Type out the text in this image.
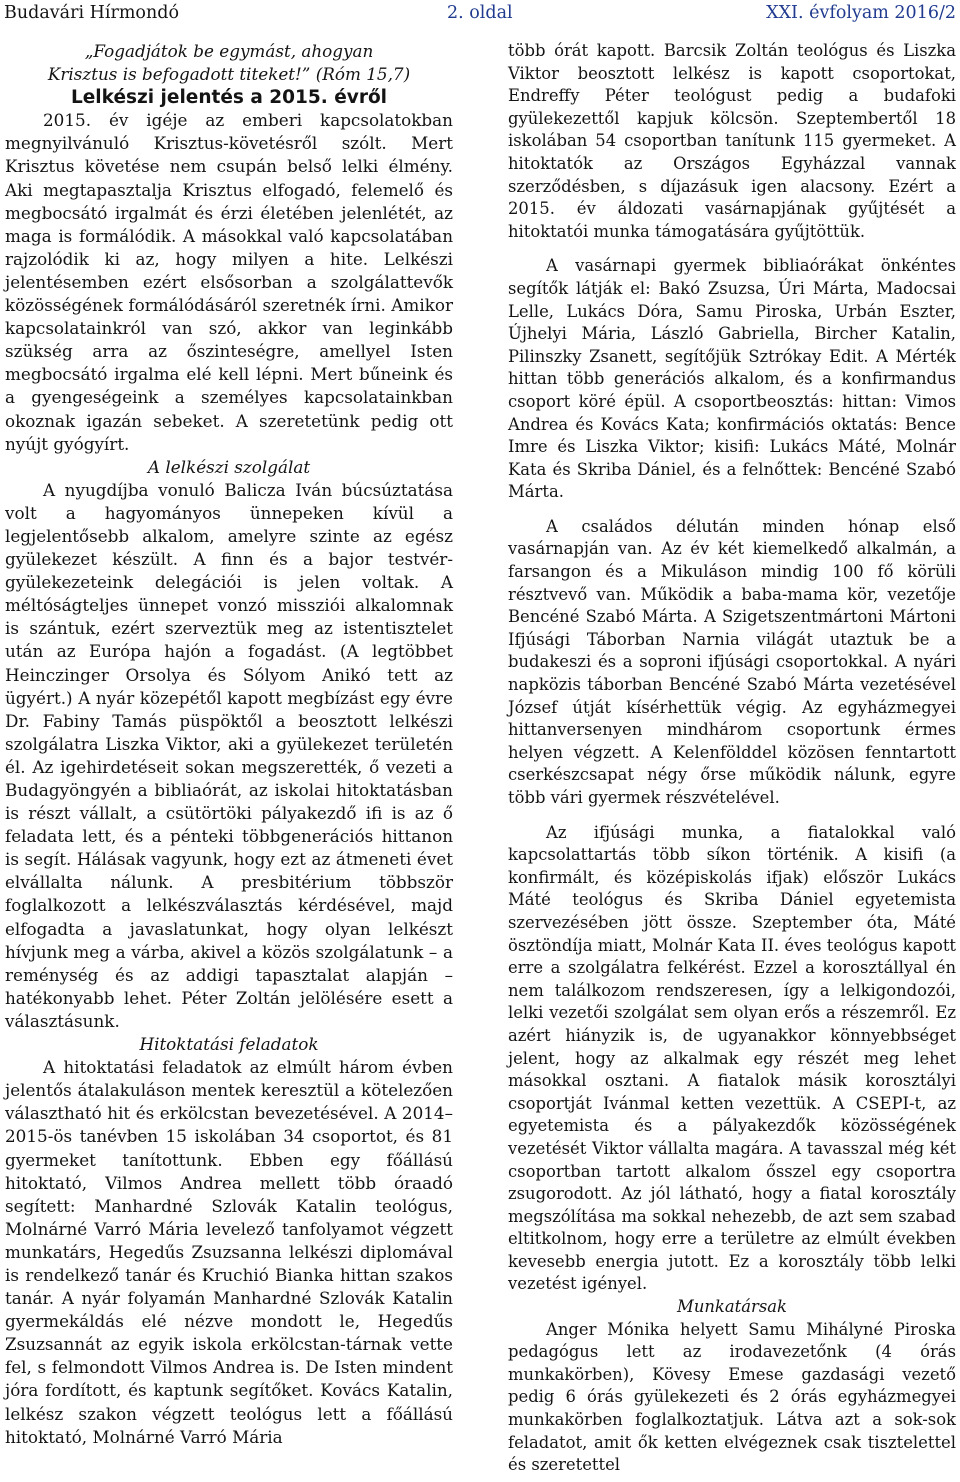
Budavári Hírmondó	2. oldal	XXI. évfolyam 2016/2

„Fogadjátok be egymást, ahogyan

Krisztus is befogadott titeket!” (Róm 15,7)

Lelkészi jelentés a 2015. évről

2015. év igéje az emberi kapcsolatokban megnyilvánuló Krisztus-követésről szólt. Mert Krisztus követése nem csupán belső lelki élmény. Aki megtapasztalja Krisztus elfogadó, felemelő és megbocsátó irgalmát és érzi életében jelenlétét, az maga is formálódik. A másokkal való kapcsolatában rajzolódik ki az, hogy milyen a hite. Lelkészi jelentésemben ezért elsősorban a szolgálattevők közösségének formálódásáról szeretnék írni. Amikor kapcsolatainkról van szó, akkor van leginkább szükség arra az őszinteségre, amellyel Isten megbocsátó irgalma elé kell lépni. Mert bűneink és a gyengeségeink a személyes kapcsolatainkban okoznak igazán sebeket. A szeretetünk pedig ott nyújt gyógyírt.

A lelkészi szolgálat

A nyugdíjba vonuló Balicza Iván búcsúztatása volt a hagyományos ünnepeken kívül a legjelentősebb alkalom, amelyre szinte az egész gyülekezet készült. A finn és a bajor testvér-gyülekezeteink delegációi is jelen voltak. A méltóságteljes ünnepet vonzó missziói alkalomnak is szántuk, ezért szerveztük meg az istentisztelet után az Európa hajón a fogadást. (A legtöbbet Heinczinger Orsolya és Sólyom Anikó tett az ügyért.) A nyár közepétől kapott megbízást egy évre Dr. Fabiny Tamás püspöktől a beosztott lelkészi szolgálatra Liszka Viktor, aki a gyülekezet területén él. Az igehirdetéseit sokan megszerették, ő vezeti a Budagyöngyén a bibliaórát, az iskolai hitoktatásban is részt vállalt, a csütörtöki pályakezdő ifi is az ő feladata lett, és a pénteki többgenerációs hittanon is segít. Hálásak vagyunk, hogy ezt az átmeneti évet elvállalta nálunk. A presbitérium többször foglalkozott a lelkészválasztás kérdésével, majd elfogadta a javaslatunkat, hogy olyan lelkészt hívjunk meg a várba, akivel a közös szolgálatunk – a reménység és az addigi tapasztalat alapján – hatékonyabb lehet. Péter Zoltán jelölésére esett a választásunk.

Hitoktatási feladatok

A hitoktatási feladatok az elmúlt három évben jelentős átalakuláson mentek keresztül a kötelezően választható hit és erkölcstan bevezetésével. A 2014–2015-ös tanévben 15 iskolában 34 csoportot, és 81 gyermeket tanítottunk. Ebben egy főállású hitoktató, Vilmos Andrea mellett több óraadó segített: Manhardné Szlovák Katalin teológus, Molnárné Varró Mária levelező tanfolyamot végzett munkatárs, Hegedűs Zsuzsanna lelkészi diplomával is rendelkező tanár és Kruchió Bianka hittan szakos tanár. A nyár folyamán Manhardné Szlovák Katalin gyermekáldás elé nézve mondott le, Hegedűs Zsuzsannát az egyik iskola erkölcstan-tárnak vette fel, s felmondott Vilmos Andrea is. De Isten mindent jóra fordított, és kaptunk segítőket. Kovács Katalin, lelkész szakon végzett teológus lett a főállású hitoktató, Molnárné Varró Mária

több órát kapott. Barcsik Zoltán teológus és Liszka Viktor beosztott lelkész is kapott csoportokat, Endreffy Péter teológust pedig a budafoki gyülekezettől kapjuk kölcsön. Szeptembertől 18 iskolában 54 csoportban tanítunk 115 gyermeket. A hitoktatók az Országos Egyházzal vannak szerződésben, s díjazásuk igen alacsony. Ezért a 2015. év áldozati vasárnapjának gyűjtését a hitoktatói munka támogatására gyűjtöttük.

A vasárnapi gyermek bibliaórákat önkéntes segítők látják el: Bakó Zsuzsa, Úri Márta, Madocsai Lelle, Lukács Dóra, Samu Piroska, Urbán Eszter, Újhelyi Mária, László Gabriella, Bircher Katalin, Pilinszky Zsanett, segítőjük Sztrókay Edit. A Mérték hittan több generációs alkalom, és a konfirmandus csoport köré épül. A csoportbeosztás: hittan: Vimos Andrea és Kovács Kata; konfirmációs oktatás: Bence Imre és Liszka Viktor; kisifi: Lukács Máté, Molnár Kata és Skriba Dániel, és a felnőttek: Bencéné Szabó Márta.

A családos délután minden hónap első vasárnapján van. Az év két kiemelkedő alkalmán, a farsangon és a Mikuláson mindig 100 fő körüli résztvevő van. Működik a baba-mama kör, vezetője Bencéné Szabó Márta. A Szigetszentmártoni Mártoni Ifjúsági Táborban Narnia világát utaztuk be a budakeszi és a soproni ifjúsági csoportokkal. A nyári napközis táborban Bencéné Szabó Márta vezetésével József útját kísérhettük végig. Az egyházmegyei hittanversenyen mindhárom csoportunk érmes helyen végzett. A Kelenfölddel közösen fenntartott cserkészcsapat négy őrse működik nálunk, egyre több vári gyermek részvételével.

Az ifjúsági munka, a fiatalokkal való kapcsolattartás több síkon történik. A kisifi (a konfirmált, és középiskolás ifjak) először Lukács Máté teológus és Skriba Dániel egyetemista szervezésében jött össze. Szeptember óta, Máté ösztöndíja miatt, Molnár Kata II. éves teológus kapott erre a szolgálatra felkérést. Ezzel a korosztállyal én nem találkozom rendszeresen, így a lelkigondozói, lelki vezetői szolgálat sem olyan erős a részemről. Ez azért hiányzik is, de ugyanakkor könnyebbséget jelent, hogy az alkalmak egy részét meg lehet másokkal osztani. A fiatalok másik korosztályi csoportját Ivánmal ketten vezettük. A CSEPI-t, az egyetemista és a pályakezdők közösségének vezetését Viktor vállalta magára. A tavasszal még két csoportban tartott alkalom ősszel egy csoportra zsugorodott. Az jól látható, hogy a fiatal korosztály megszólítása ma sokkal nehezebb, de azt sem szabad eltitkolnom, hogy erre a területre az elmúlt években kevesebb energia jutott. Ez a korosztály több lelki vezetést igényel.

Munkatársak

Anger Mónika helyett Samu Mihályné Piroska pedagógus lett az irodavezetőnk (4 órás munkakörben), Kövesy Emese gazdasági vezető pedig 6 órás gyülekezeti és 2 órás egyházmegyei munkakörben foglalkoztatjuk. Látva azt a sok-sok feladatot, amit ők ketten elvégeznek csak tisztelettel és szeretettel
